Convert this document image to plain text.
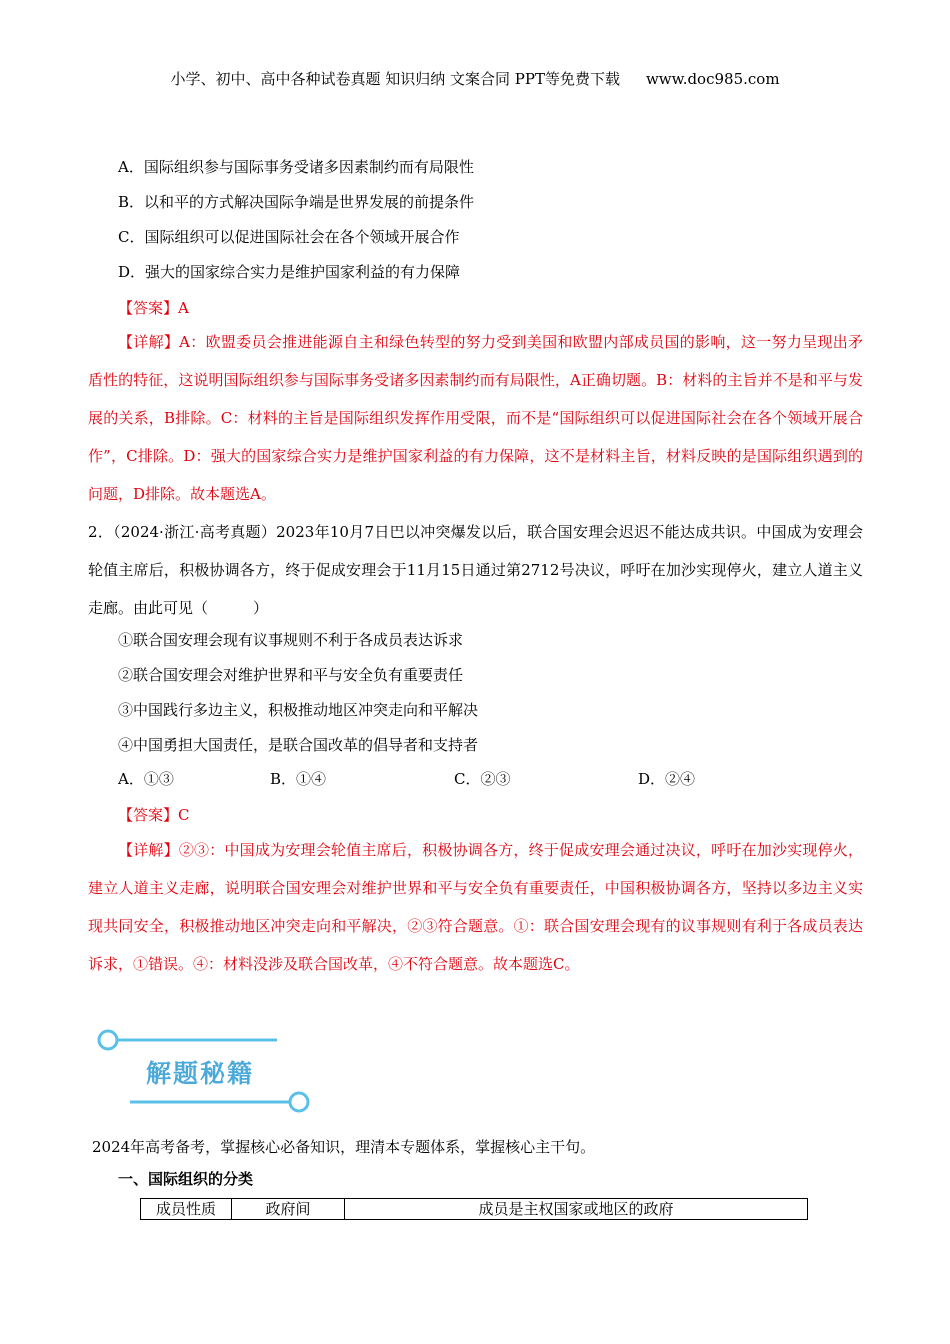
小学、初中、高中各种试卷真题 知识归纳 文案合同 PPT等免费下载 www.doc985.com
A．国际组织参与国际事务受诸多因素制约而有局限性
B．以和平的方式解决国际争端是世界发展的前提条件
C．国际组织可以促进国际社会在各个领域开展合作
D．强大的国家综合实力是维护国家利益的有力保障
【答案】A

【详解】A：欧盟委员会推进能源自主和绿色转型的努力受到美国和欧盟内部成员国的影响，这一努力呈现出矛盾性的特征，这说明国际组织参与国际事务受诸多因素制约而有局限性，A正确切题。B：材料的主旨并不是和平与发展的关系，B排除。C：材料的主旨是国际组织发挥作用受限，而不是“国际组织可以促进国际社会在各个领域开展合作”，C排除。D：强大的国家综合实力是维护国家利益的有力保障，这不是材料主旨，材料反映的是国际组织遇到的问题，D排除。故本题选A。

2．（2024·浙江·高考真题）2023年10月7日巴以冲突爆发以后，联合国安理会迟迟不能达成共识。中国成为安理会轮值主席后，积极协调各方，终于促成安理会于11月15日通过第2712号决议，呼吁在加沙实现停火，建立人道主义走廊。由此可见（　　　）

①联合国安理会现有议事规则不利于各成员表达诉求
②联合国安理会对维护世界和平与安全负有重要责任
③中国践行多边主义，积极推动地区冲突走向和平解决
④中国勇担大国责任，是联合国改革的倡导者和支持者
A．①③	B．①④	C．②③	D．②④
【答案】C

【详解】②③：中国成为安理会轮值主席后，积极协调各方，终于促成安理会通过决议，呼吁在加沙实现停火，建立人道主义走廊，说明联合国安理会对维护世界和平与安全负有重要责任，中国积极协调各方，坚持以多边主义实现共同安全，积极推动地区冲突走向和平解决，②③符合题意。①：联合国安理会现有的议事规则有利于各成员表达诉求，①错误。④：材料没涉及联合国改革，④不符合题意。故本题选C。

解题秘籍
2024年高考备考，掌握核心必备知识，理清本专题体系，掌握核心主干句。
一、国际组织的分类
成员性质	政府间	成员是主权国家或地区的政府
